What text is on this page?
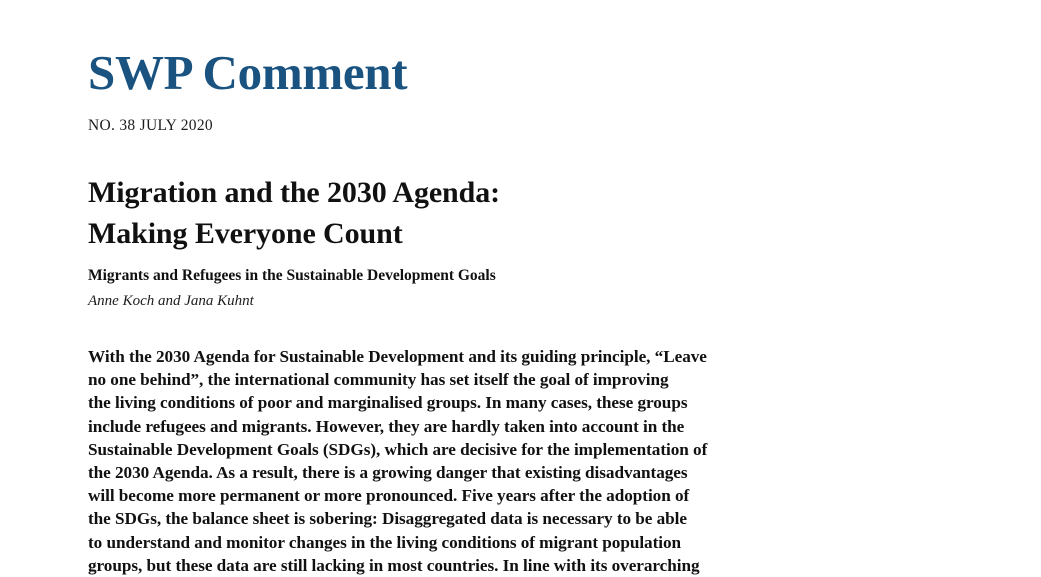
SWP Comment
NO. 38 JULY 2020
Migration and the 2030 Agenda:
Making Everyone Count
Migrants and Refugees in the Sustainable Development Goals
Anne Koch and Jana Kuhnt

With the 2030 Agenda for Sustainable Development and its guiding principle, “Leave
no one behind”, the international community has set itself the goal of improving
the living conditions of poor and marginalised groups. In many cases, these groups
include refugees and migrants. However, they are hardly taken into account in the
Sustainable Development Goals (SDGs), which are decisive for the implementation of
the 2030 Agenda. As a result, there is a growing danger that existing disadvantages
will become more permanent or more pronounced. Five years after the adoption of
the SDGs, the balance sheet is sobering: Disaggregated data is necessary to be able
to understand and monitor changes in the living conditions of migrant population
groups, but these data are still lacking in most countries. In line with its overarching
